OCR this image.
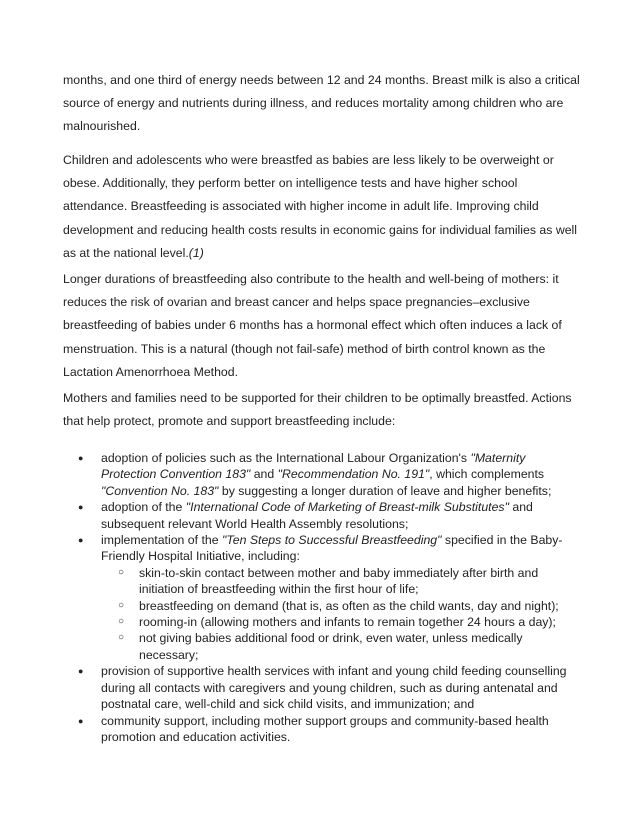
months, and one third of energy needs between 12 and 24 months. Breast milk is also a critical source of energy and nutrients during illness, and reduces mortality among children who are malnourished.

Children and adolescents who were breastfed as babies are less likely to be overweight or obese. Additionally, they perform better on intelligence tests and have higher school attendance. Breastfeeding is associated with higher income in adult life. Improving child development and reducing health costs results in economic gains for individual families as well as at the national level.(1)

Longer durations of breastfeeding also contribute to the health and well-being of mothers: it reduces the risk of ovarian and breast cancer and helps space pregnancies–exclusive breastfeeding of babies under 6 months has a hormonal effect which often induces a lack of menstruation. This is a natural (though not fail-safe) method of birth control known as the Lactation Amenorrhoea Method.

Mothers and families need to be supported for their children to be optimally breastfed. Actions that help protect, promote and support breastfeeding include:

● adoption of policies such as the International Labour Organization's "Maternity Protection Convention 183" and "Recommendation No. 191", which complements "Convention No. 183" by suggesting a longer duration of leave and higher benefits;
● adoption of the "International Code of Marketing of Breast-milk Substitutes" and subsequent relevant World Health Assembly resolutions;
● implementation of the "Ten Steps to Successful Breastfeeding" specified in the Baby-Friendly Hospital Initiative, including:
○ skin-to-skin contact between mother and baby immediately after birth and initiation of breastfeeding within the first hour of life;
○ breastfeeding on demand (that is, as often as the child wants, day and night);
○ rooming-in (allowing mothers and infants to remain together 24 hours a day);
○ not giving babies additional food or drink, even water, unless medically necessary;
● provision of supportive health services with infant and young child feeding counselling during all contacts with caregivers and young children, such as during antenatal and postnatal care, well-child and sick child visits, and immunization; and
● community support, including mother support groups and community-based health promotion and education activities.
